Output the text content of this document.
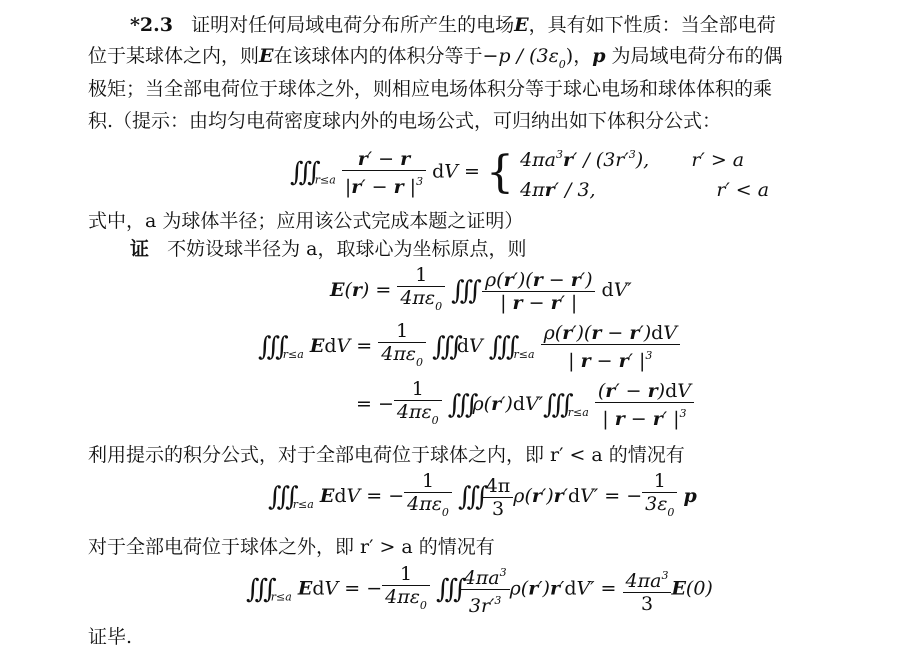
*2.3 证明对任何局域电荷分布所产生的电场E，具有如下性质：当全部电荷
位于某球体之内，则E在该球体内的体积分等于$-p / (3\varepsilon_0)$，p 为局域电荷分布的偶
极矩；当全部电荷位于球体之外，则相应电场体积分等于球心电场和球体体积的乘
积.（提示：由均匀电荷密度球内外的电场公式，可归纳出如下体积分公式：
$∭_{r\le a} \frac{r' - r}{|r' - r |^3}$ dV = { $4\pi a^3r' / (3r'^3)$,       r′ > a
4πr′ / 3,                    r′ < a
式中，a 为球体半径；应用该公式完成本题之证明）
证 不妨设球半径为 a，取球心为坐标原点，则
$E(r) = \frac{1}{4\pi\varepsilon_0}$ ∭ $\frac{\rho(r')(r - r')}{| r - r' |} dV'$
$∭_{r\le a}$ EdV = $\frac{1}{4\pi\varepsilon_0}$ ∭dV $∭_{r\le a} \frac{\rho(r')(r - r')dV}{| r - r' |^3}$
= − $\frac{1}{4\pi\varepsilon_0}$ $∭\rho(r')dV'∭_{r\le a} \frac{(r' - r)dV}{| r - r' |^3}$
利用提示的积分公式，对于全部电荷位于球体之内，即 r′ < a 的情况有
$∭_{r\le a}$ EdV = − $\frac{1}{4\pi\varepsilon_0}$ ∭ $\frac{4\pi}{3} \rho(r')r'dV'$ = − $\frac{1}{3\varepsilon_0}$ p
对于全部电荷位于球体之外，即 r′ > a 的情况有
$∭_{r\le a}$ EdV = − $\frac{1}{4\pi\varepsilon_0}$ ∭ $\frac{4\pi a^3}{3r'^3} \rho(r')r'dV' = \frac{4\pi a^3}{3} E(0)$
证毕.
